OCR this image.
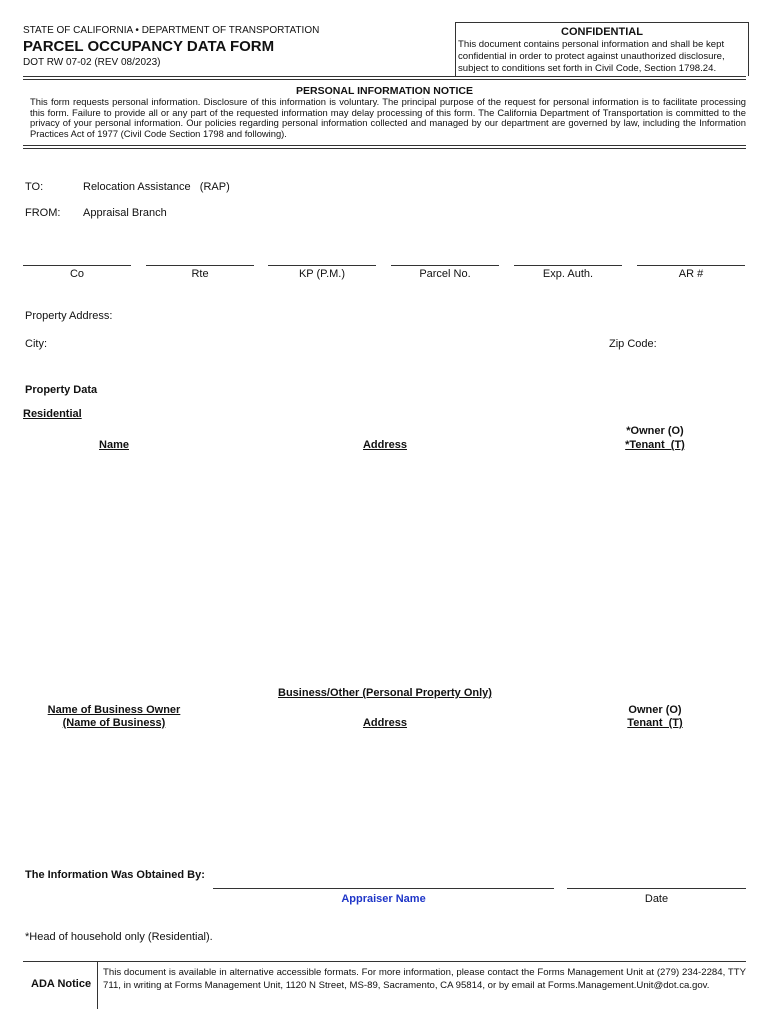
STATE OF CALIFORNIA • DEPARTMENT OF TRANSPORTATION
PARCEL OCCUPANCY DATA FORM
DOT RW 07-02 (REV 08/2023)
CONFIDENTIAL
This document contains personal information and shall be kept confidential in order to protect against unauthorized disclosure, subject to conditions set forth in Civil Code, Section 1798.24.
PERSONAL INFORMATION NOTICE
This form requests personal information. Disclosure of this information is voluntary. The principal purpose of the request for personal information is to facilitate processing this form. Failure to provide all or any part of the requested information may delay processing of this form. The California Department of Transportation is committed to the privacy of your personal information. Our policies regarding personal information collected and managed by our department are governed by law, including the Information Practices Act of 1977 (Civil Code Section 1798 and following).
TO:	Relocation Assistance   (RAP)
FROM: Appraisal Branch
Co	Rte	KP (P.M.)	Parcel No.	Exp. Auth.	AR #
Property Address:
City:	Zip Code:
Property Data
Residential
Name	Address
*Owner (O)
*Tenant  (T)
Business/Other (Personal Property Only)
Name of Business Owner
(Name of Business)	Address
Owner (O)
Tenant  (T)
The Information Was Obtained By:
Appraiser Name	Date
*Head of household only (Residential).
ADA Notice
This document is available in alternative accessible formats. For more information, please contact the Forms Management Unit at (279) 234-2284, TTY 711, in writing at Forms Management Unit, 1120 N Street, MS-89, Sacramento, CA 95814, or by email at Forms.Management.Unit@dot.ca.gov.
